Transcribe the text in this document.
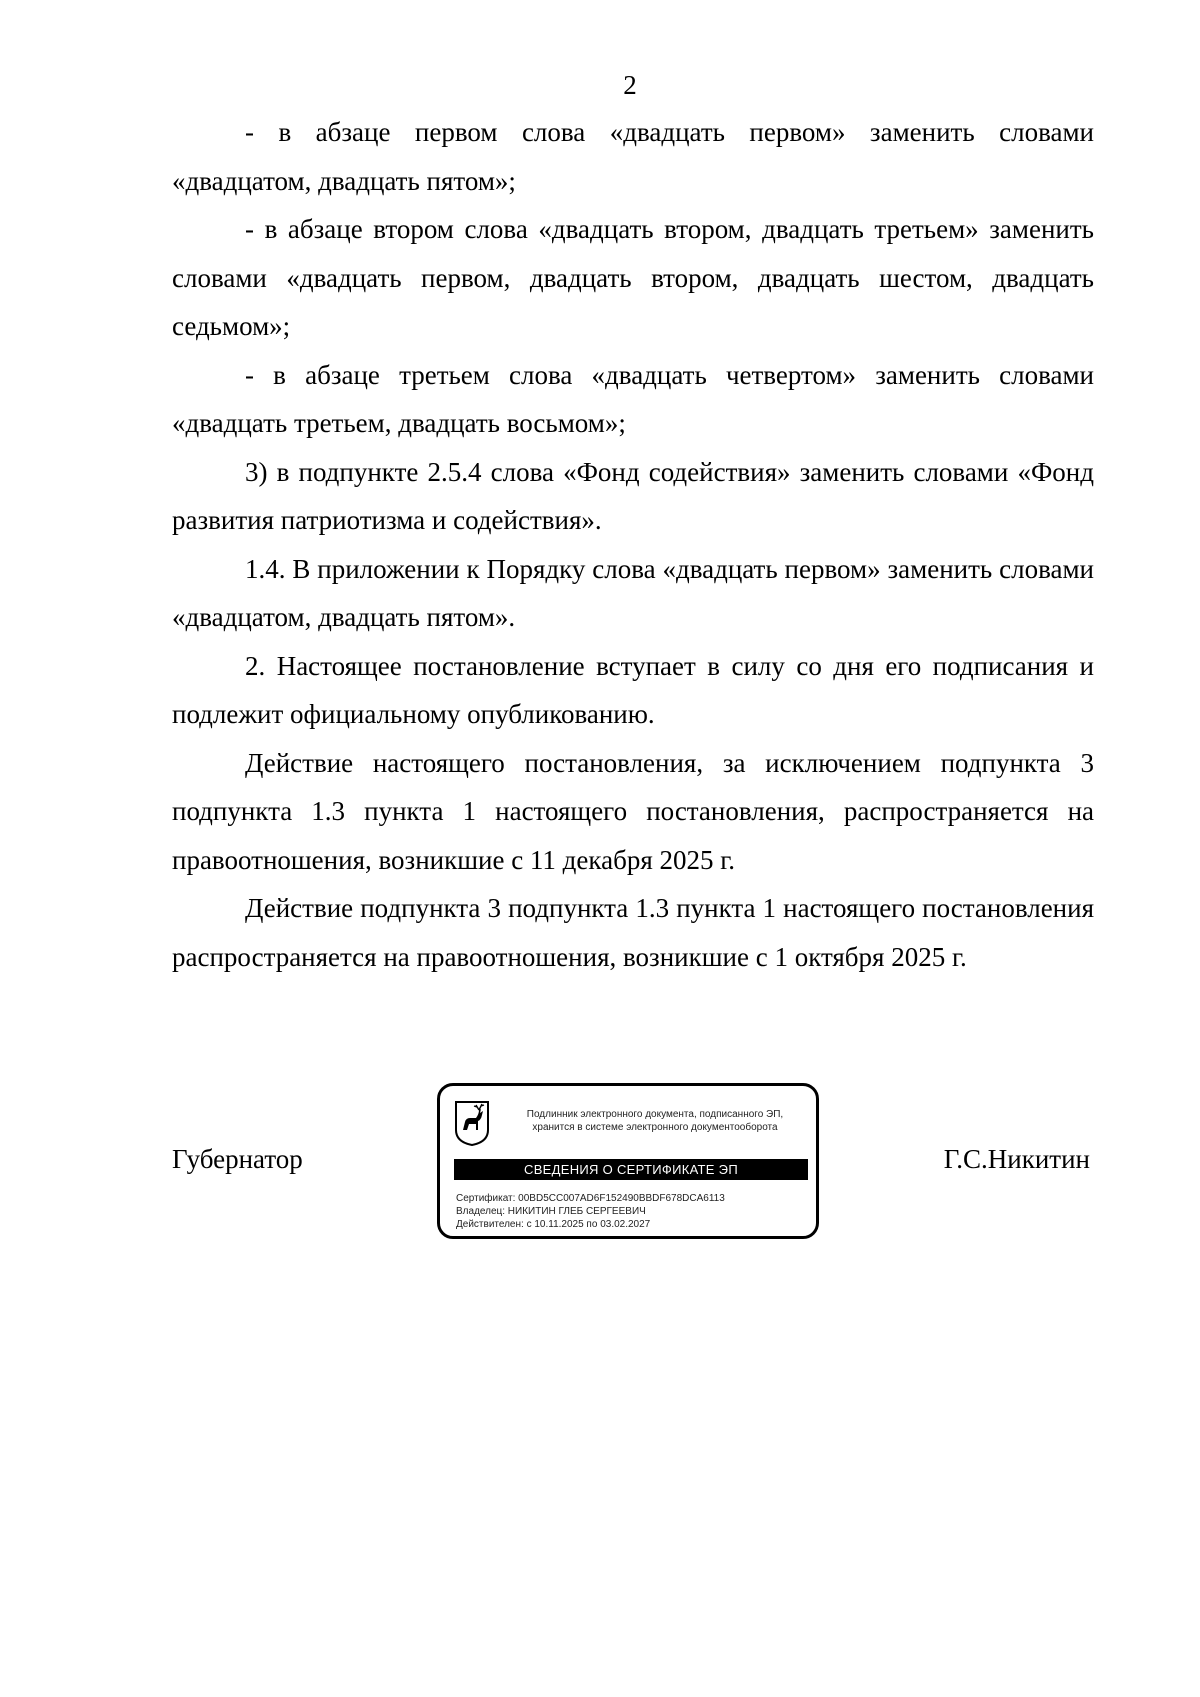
2

- в абзаце первом слова «двадцать первом» заменить словами «двадцатом, двадцать пятом»;

- в абзаце втором слова «двадцать втором, двадцать третьем» заменить словами «двадцать первом, двадцать втором, двадцать шестом, двадцать седьмом»;

- в абзаце третьем слова «двадцать четвертом» заменить словами «двадцать третьем, двадцать восьмом»;

3) в подпункте 2.5.4 слова «Фонд содействия» заменить словами «Фонд развития патриотизма и содействия».

1.4. В приложении к Порядку слова «двадцать первом» заменить словами «двадцатом, двадцать пятом».

2. Настоящее постановление вступает в силу со дня его подписания и подлежит официальному опубликованию.

Действие настоящего постановления, за исключением подпункта 3 подпункта 1.3 пункта 1 настоящего постановления, распространяется на правоотношения, возникшие с 11 декабря 2025 г.

Действие подпункта 3 подпункта 1.3 пункта 1 настоящего постановления распространяется на правоотношения, возникшие с 1 октября 2025 г.

Губернатор
Подлинник электронного документа, подписанного ЭП,
хранится в системе электронного документооборота
СВЕДЕНИЯ О СЕРТИФИКАТЕ ЭП
Сертификат: 00BD5CC007AD6F152490BBDF678DCA6113
Владелец: НИКИТИН ГЛЕБ СЕРГЕЕВИЧ
Действителен: с 10.11.2025 по 03.02.2027
Г.С.Никитин
